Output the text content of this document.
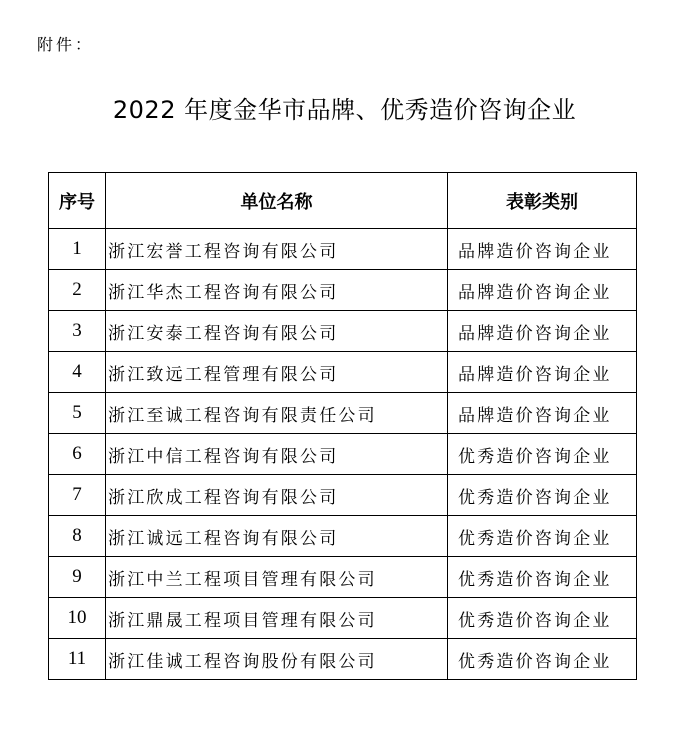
附件：
2022 年度金华市品牌、优秀造价咨询企业
序号	单位名称	表彰类别
1	浙江宏誉工程咨询有限公司	品牌造价咨询企业
2	浙江华杰工程咨询有限公司	品牌造价咨询企业
3	浙江安泰工程咨询有限公司	品牌造价咨询企业
4	浙江致远工程管理有限公司	品牌造价咨询企业
5	浙江至诚工程咨询有限责任公司	品牌造价咨询企业
6	浙江中信工程咨询有限公司	优秀造价咨询企业
7	浙江欣成工程咨询有限公司	优秀造价咨询企业
8	浙江诚远工程咨询有限公司	优秀造价咨询企业
9	浙江中兰工程项目管理有限公司	优秀造价咨询企业
10	浙江鼎晟工程项目管理有限公司	优秀造价咨询企业
11	浙江佳诚工程咨询股份有限公司	优秀造价咨询企业
